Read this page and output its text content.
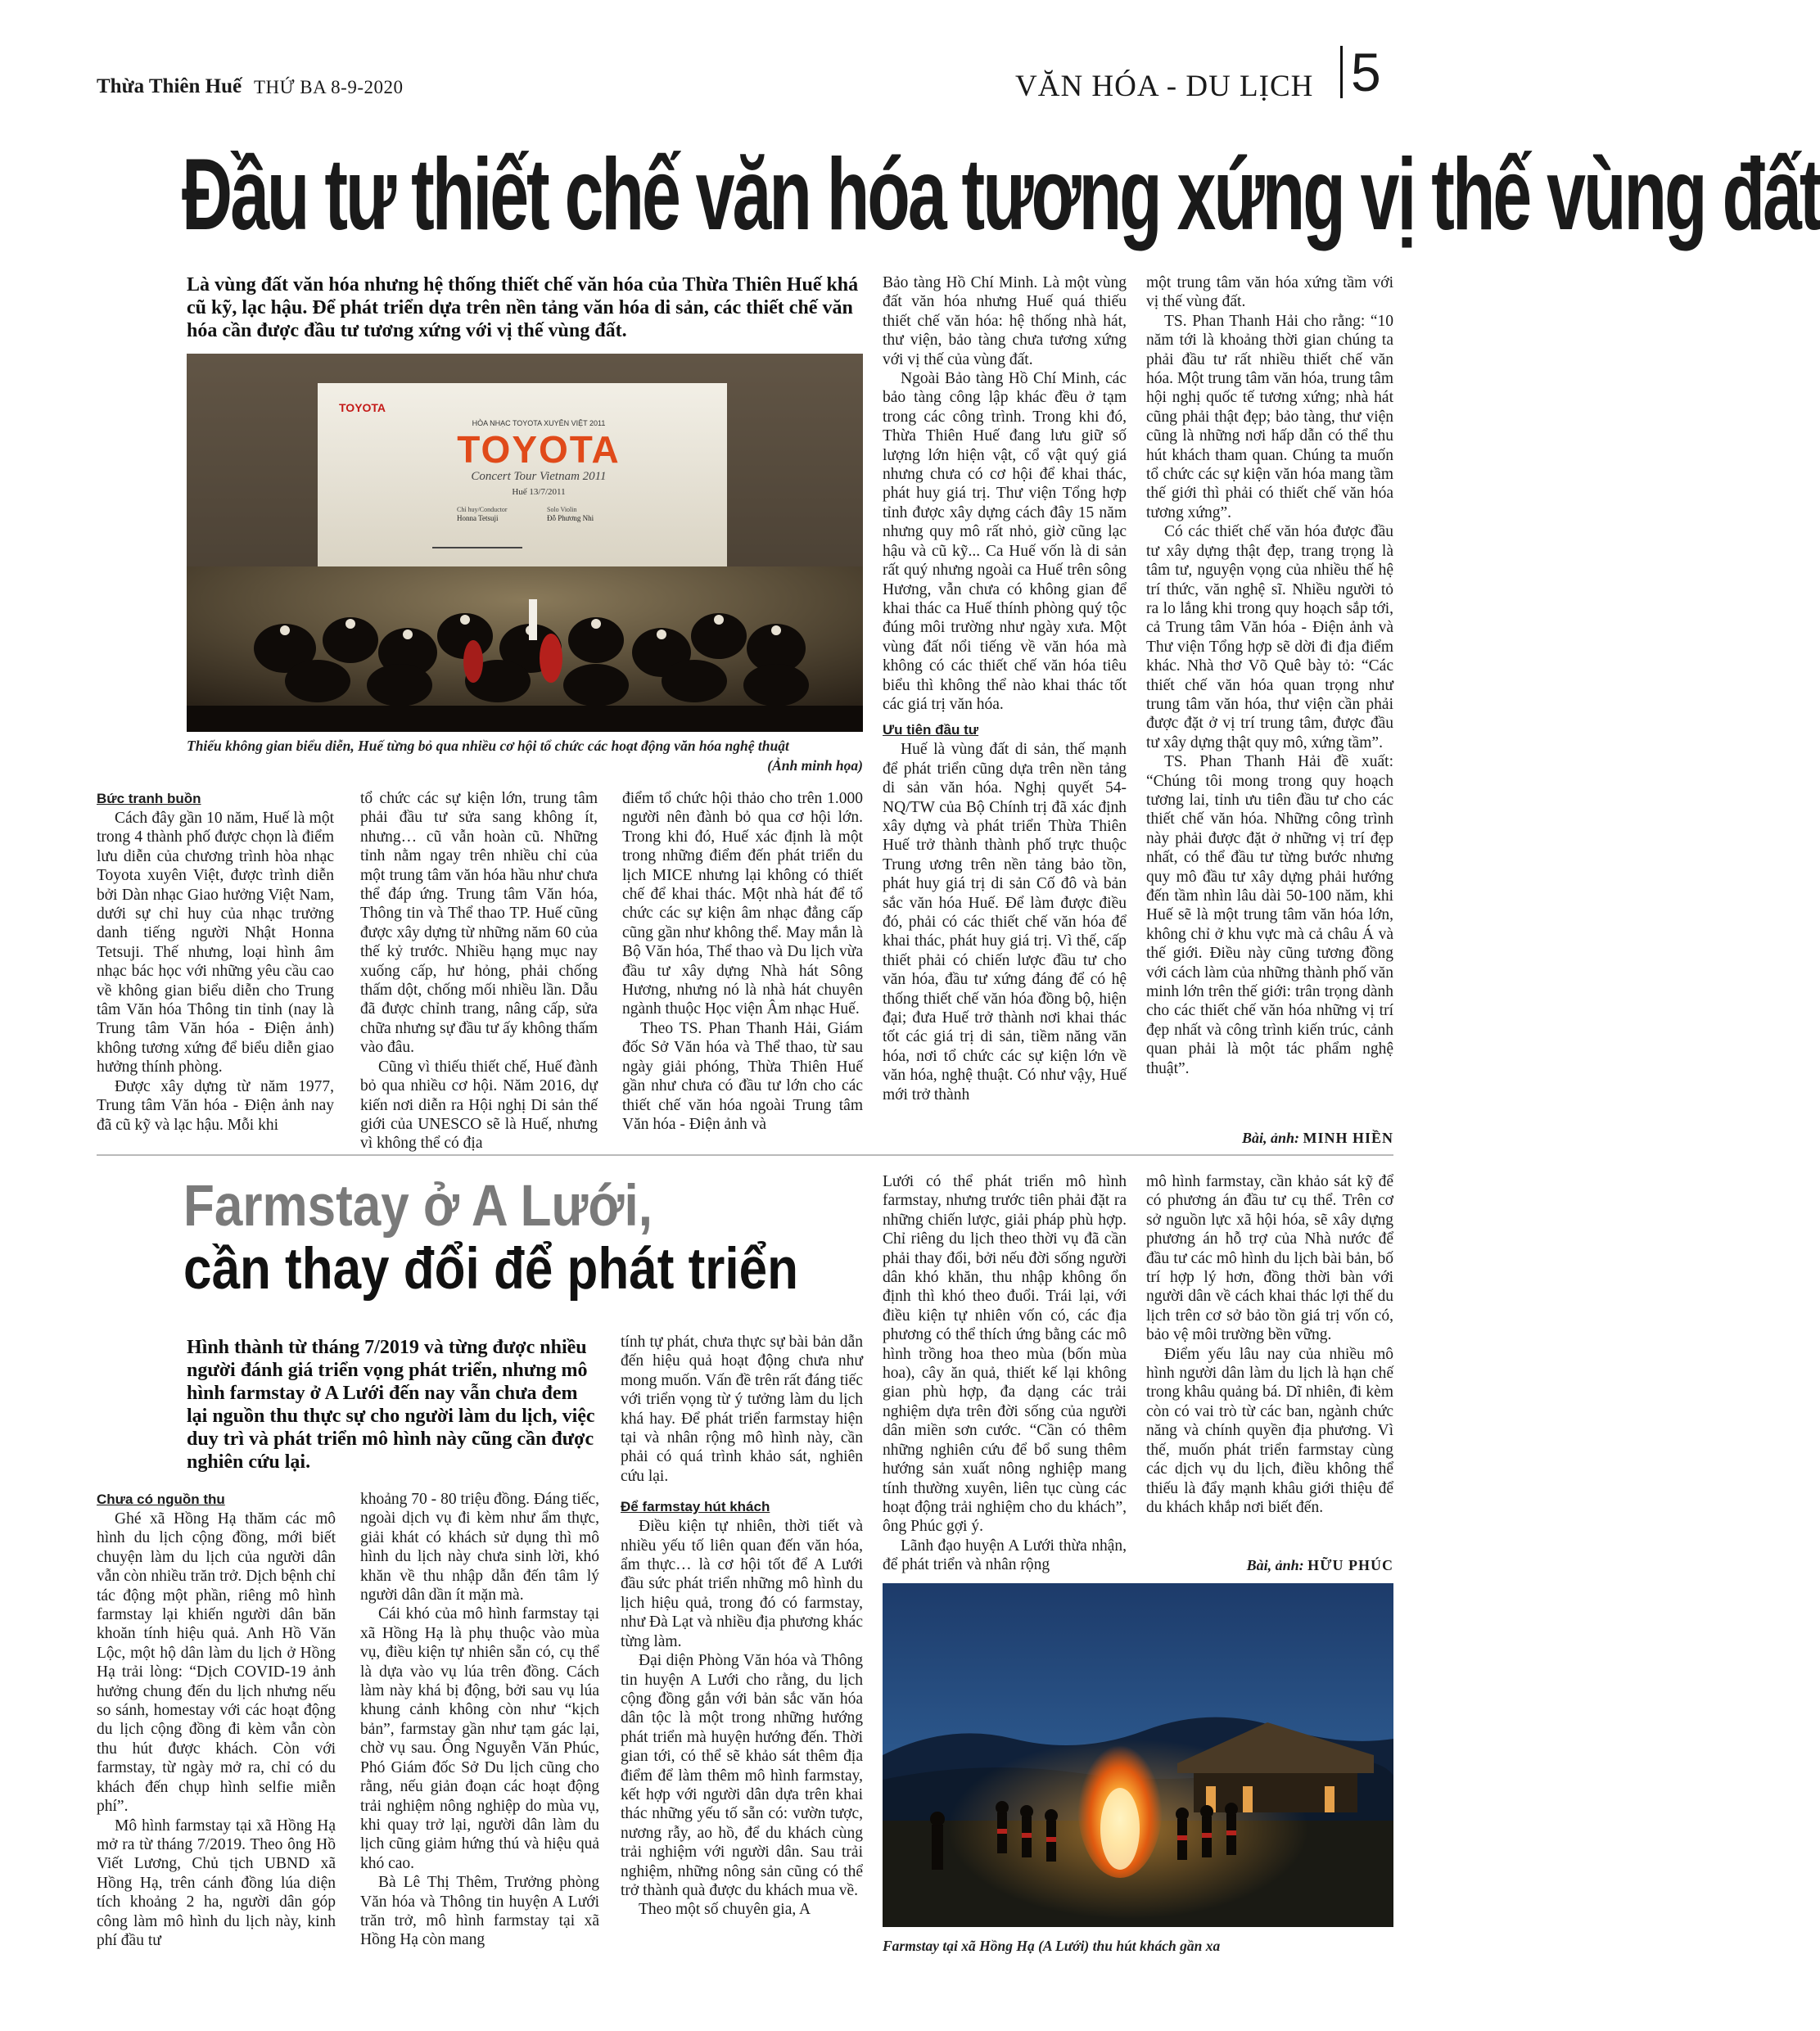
Thừa Thiên Huế THỨ BA 8-9-2020	VĂN HÓA - DU LỊCH 5
Đầu tư thiết chế văn hóa tương xứng vị thế vùng đất
Là vùng đất văn hóa nhưng hệ thống thiết chế văn hóa của Thừa Thiên Huế khá cũ kỹ, lạc hậu. Để phát triển dựa trên nền tảng văn hóa di sản, các thiết chế văn hóa cần được đầu tư tương xứng với vị thế vùng đất.
TOYOTA
HÒA NHẠC TOYOTA XUYÊN VIỆT 2011
TOYOTA
Concert Tour Vietnam 2011
Huế 13/7/2011
Chỉ huy/Conductor
Honna Tetsuji
Solo Violin
Đỗ Phương Nhi
Thiếu không gian biểu diễn, Huế từng bỏ qua nhiều cơ hội tổ chức các hoạt động văn hóa nghệ thuật
(Ảnh minh họa)

Bảo tàng Hồ Chí Minh. Là một vùng đất văn hóa nhưng Huế quá thiếu thiết chế văn hóa: hệ thống nhà hát, thư viện, bảo tàng chưa tương xứng với vị thế của vùng đất.

Ngoài Bảo tàng Hồ Chí Minh, các bảo tàng công lập khác đều ở tạm trong các công trình. Trong khi đó, Thừa Thiên Huế đang lưu giữ số lượng lớn hiện vật, cổ vật quý giá nhưng chưa có cơ hội để khai thác, phát huy giá trị. Thư viện Tổng hợp tỉnh được xây dựng cách đây 15 năm nhưng quy mô rất nhỏ, giờ cũng lạc hậu và cũ kỹ... Ca Huế vốn là di sản rất quý nhưng ngoài ca Huế trên sông Hương, vẫn chưa có không gian để khai thác ca Huế thính phòng quý tộc đúng môi trường như ngày xưa. Một vùng đất nổi tiếng về văn hóa mà không có các thiết chế văn hóa tiêu biểu thì không thể nào khai thác tốt các giá trị văn hóa.

Ưu tiên đầu tư

Huế là vùng đất di sản, thế mạnh để phát triển cũng dựa trên nền tảng di sản văn hóa. Nghị quyết 54-NQ/TW của Bộ Chính trị đã xác định xây dựng và phát triển Thừa Thiên Huế trở thành thành phố trực thuộc Trung ương trên nền tảng bảo tồn, phát huy giá trị di sản Cố đô và bản sắc văn hóa Huế. Để làm được điều đó, phải có các thiết chế văn hóa để khai thác, phát huy giá trị. Vì thế, cấp thiết phải có chiến lược đầu tư cho văn hóa, đầu tư xứng đáng để có hệ thống thiết chế văn hóa đồng bộ, hiện đại; đưa Huế trở thành nơi khai thác tốt các giá trị di sản, tiềm năng văn hóa, nơi tổ chức các sự kiện lớn về văn hóa, nghệ thuật. Có như vậy, Huế mới trở thành

một trung tâm văn hóa xứng tầm với vị thế vùng đất.

TS. Phan Thanh Hải cho rằng: “10 năm tới là khoảng thời gian chúng ta phải đầu tư rất nhiều thiết chế văn hóa. Một trung tâm văn hóa, trung tâm hội nghị quốc tế tương xứng; nhà hát cũng phải thật đẹp; bảo tàng, thư viện cũng là những nơi hấp dẫn có thể thu hút khách tham quan. Chúng ta muốn tổ chức các sự kiện văn hóa mang tầm thế giới thì phải có thiết chế văn hóa tương xứng”.

Có các thiết chế văn hóa được đầu tư xây dựng thật đẹp, trang trọng là tâm tư, nguyện vọng của nhiều thế hệ trí thức, văn nghệ sĩ. Nhiều người tỏ ra lo lắng khi trong quy hoạch sắp tới, cả Trung tâm Văn hóa - Điện ảnh và Thư viện Tổng hợp sẽ dời đi địa điểm khác. Nhà thơ Võ Quê bày tỏ: “Các thiết chế văn hóa quan trọng như trung tâm văn hóa, thư viện cần phải được đặt ở vị trí trung tâm, được đầu tư xây dựng thật quy mô, xứng tầm”.

TS. Phan Thanh Hải đề xuất: “Chúng tôi mong trong quy hoạch tương lai, tỉnh ưu tiên đầu tư cho các thiết chế văn hóa. Những công trình này phải được đặt ở những vị trí đẹp nhất, có thể đầu tư từng bước nhưng quy mô đầu tư xây dựng phải hướng đến tầm nhìn lâu dài 50-100 năm, khi Huế sẽ là một trung tâm văn hóa lớn, không chỉ ở khu vực mà cả châu Á và thế giới. Điều này cũng tương đồng với cách làm của những thành phố văn minh lớn trên thế giới: trân trọng dành cho các thiết chế văn hóa những vị trí đẹp nhất và công trình kiến trúc, cảnh quan phải là một tác phẩm nghệ thuật”.

Bài, ảnh: MINH HIỀN

Bức tranh buồn

Cách đây gần 10 năm, Huế là một trong 4 thành phố được chọn là điểm lưu diễn của chương trình hòa nhạc Toyota xuyên Việt, được trình diễn bởi Dàn nhạc Giao hưởng Việt Nam, dưới sự chỉ huy của nhạc trưởng danh tiếng người Nhật Honna Tetsuji. Thế nhưng, loại hình âm nhạc bác học với những yêu cầu cao về không gian biểu diễn cho Trung tâm Văn hóa Thông tin tỉnh (nay là Trung tâm Văn hóa - Điện ảnh) không tương xứng để biểu diễn giao hưởng thính phòng.

Được xây dựng từ năm 1977, Trung tâm Văn hóa - Điện ảnh nay đã cũ kỹ và lạc hậu. Mỗi khi

tổ chức các sự kiện lớn, trung tâm phải đầu tư sửa sang không ít, nhưng… cũ vẫn hoàn cũ. Những tỉnh nằm ngay trên nhiều chỉ của một trung tâm văn hóa hầu như chưa thể đáp ứng. Trung tâm Văn hóa, Thông tin và Thể thao TP. Huế cũng được xây dựng từ những năm 60 của thế kỷ trước. Nhiều hạng mục nay xuống cấp, hư hỏng, phải chống thấm dột, chống mối nhiều lần. Dẫu đã được chỉnh trang, nâng cấp, sửa chữa nhưng sự đầu tư ấy không thấm vào đâu.

Cũng vì thiếu thiết chế, Huế đành bỏ qua nhiều cơ hội. Năm 2016, dự kiến nơi diễn ra Hội nghị Di sản thế giới của UNESCO sẽ là Huế, nhưng vì không thể có địa

điểm tổ chức hội thảo cho trên 1.000 người nên đành bỏ qua cơ hội lớn. Trong khi đó, Huế xác định là một trong những điểm đến phát triển du lịch MICE nhưng lại không có thiết chế để khai thác. Một nhà hát để tổ chức các sự kiện âm nhạc đẳng cấp cũng gần như không thể. May mắn là Bộ Văn hóa, Thể thao và Du lịch vừa đầu tư xây dựng Nhà hát Sông Hương, nhưng nó là nhà hát chuyên ngành thuộc Học viện Âm nhạc Huế.

Theo TS. Phan Thanh Hải, Giám đốc Sở Văn hóa và Thể thao, từ sau ngày giải phóng, Thừa Thiên Huế gần như chưa có đầu tư lớn cho các thiết chế văn hóa ngoài Trung tâm Văn hóa - Điện ảnh và

Farmstay ở A Lưới,
cần thay đổi để phát triển
Hình thành từ tháng 7/2019 và từng được nhiều người đánh giá triển vọng phát triển, nhưng mô hình farmstay ở A Lưới đến nay vẫn chưa đem lại nguồn thu thực sự cho người làm du lịch, việc duy trì và phát triển mô hình này cũng cần được nghiên cứu lại.

Chưa có nguồn thu

Ghé xã Hồng Hạ thăm các mô hình du lịch cộng đồng, mới biết chuyện làm du lịch của người dân vẫn còn nhiều trăn trở. Dịch bệnh chỉ tác động một phần, riêng mô hình farmstay lại khiến người dân băn khoăn tính hiệu quả. Anh Hồ Văn Lộc, một hộ dân làm du lịch ở Hồng Hạ trải lòng: “Dịch COVID-19 ảnh hưởng chung đến du lịch nhưng nếu so sánh, homestay với các hoạt động du lịch cộng đồng đi kèm vẫn còn thu hút được khách. Còn với farmstay, từ ngày mở ra, chỉ có du khách đến chụp hình selfie miễn phí”.

Mô hình farmstay tại xã Hồng Hạ mở ra từ tháng 7/2019. Theo ông Hồ Viết Lương, Chủ tịch UBND xã Hồng Hạ, trên cánh đồng lúa diện tích khoảng 2 ha, người dân góp công làm mô hình du lịch này, kinh phí đầu tư

khoảng 70 - 80 triệu đồng. Đáng tiếc, ngoài dịch vụ đi kèm như ẩm thực, giải khát có khách sử dụng thì mô hình du lịch này chưa sinh lời, khó khăn về thu nhập dẫn đến tâm lý người dân dần ít mặn mà.

Cái khó của mô hình farmstay tại xã Hồng Hạ là phụ thuộc vào mùa vụ, điều kiện tự nhiên sẵn có, cụ thể là dựa vào vụ lúa trên đồng. Cách làm này khá bị động, bởi sau vụ lúa khung cảnh không còn như “kịch bản”, farmstay gần như tạm gác lại, chờ vụ sau. Ông Nguyễn Văn Phúc, Phó Giám đốc Sở Du lịch cũng cho rằng, nếu giản đoạn các hoạt động trải nghiệm nông nghiệp do mùa vụ, khi quay trở lại, người dân làm du lịch cũng giảm hứng thú và hiệu quả khó cao.

Bà Lê Thị Thêm, Trưởng phòng Văn hóa và Thông tin huyện A Lưới trăn trở, mô hình farmstay tại xã Hồng Hạ còn mang

tính tự phát, chưa thực sự bài bản dẫn đến hiệu quả hoạt động chưa như mong muốn. Vấn đề trên rất đáng tiếc với triển vọng từ ý tưởng làm du lịch khá hay. Để phát triển farmstay hiện tại và nhân rộng mô hình này, cần phải có quá trình khảo sát, nghiên cứu lại.

Để farmstay hút khách

Điều kiện tự nhiên, thời tiết và nhiều yếu tố liên quan đến văn hóa, ẩm thực… là cơ hội tốt để A Lưới đầu sức phát triển những mô hình du lịch hiệu quả, trong đó có farmstay, như Đà Lạt và nhiều địa phương khác từng làm.

Đại diện Phòng Văn hóa và Thông tin huyện A Lưới cho rằng, du lịch cộng đồng gắn với bản sắc văn hóa dân tộc là một trong những hướng phát triển mà huyện hướng đến. Thời gian tới, có thể sẽ khảo sát thêm địa điểm để làm thêm mô hình farmstay, kết hợp với người dân dựa trên khai thác những yếu tố sẵn có: vườn tược, nương rẫy, ao hồ, để du khách cùng trải nghiệm với người dân. Sau trải nghiệm, những nông sản cũng có thể trở thành quà được du khách mua về.

Theo một số chuyên gia, A

Lưới có thể phát triển mô hình farmstay, nhưng trước tiên phải đặt ra những chiến lược, giải pháp phù hợp. Chỉ riêng du lịch theo thời vụ đã cần phải thay đổi, bởi nếu đời sống người dân khó khăn, thu nhập không ổn định thì khó theo đuổi. Trái lại, với điều kiện tự nhiên vốn có, các địa phương có thể thích ứng bằng các mô hình trồng hoa theo mùa (bốn mùa hoa), cây ăn quả, thiết kế lại không gian phù hợp, đa dạng các trải nghiệm dựa trên đời sống của người dân miền sơn cước. “Cần có thêm những nghiên cứu để bổ sung thêm hướng sản xuất nông nghiệp mang tính thường xuyên, liên tục cùng các hoạt động trải nghiệm cho du khách”, ông Phúc gợi ý.

Lãnh đạo huyện A Lưới thừa nhận, để phát triển và nhân rộng

mô hình farmstay, cần khảo sát kỹ để có phương án đầu tư cụ thể. Trên cơ sở nguồn lực xã hội hóa, sẽ xây dựng phương án hỗ trợ của Nhà nước để đầu tư các mô hình du lịch bài bản, bố trí hợp lý hơn, đồng thời bàn với người dân về cách khai thác lợi thế du lịch trên cơ sở bảo tồn giá trị vốn có, bảo vệ môi trường bền vững.

Điểm yếu lâu nay của nhiều mô hình người dân làm du lịch là hạn chế trong khâu quảng bá. Dĩ nhiên, đi kèm còn có vai trò từ các ban, ngành chức năng và chính quyền địa phương. Vì thế, muốn phát triển farmstay cùng các dịch vụ du lịch, điều không thể thiếu là đẩy mạnh khâu giới thiệu để du khách khắp nơi biết đến.

Bài, ảnh: HỮU PHÚC
Farmstay tại xã Hồng Hạ (A Lưới) thu hút khách gần xa
